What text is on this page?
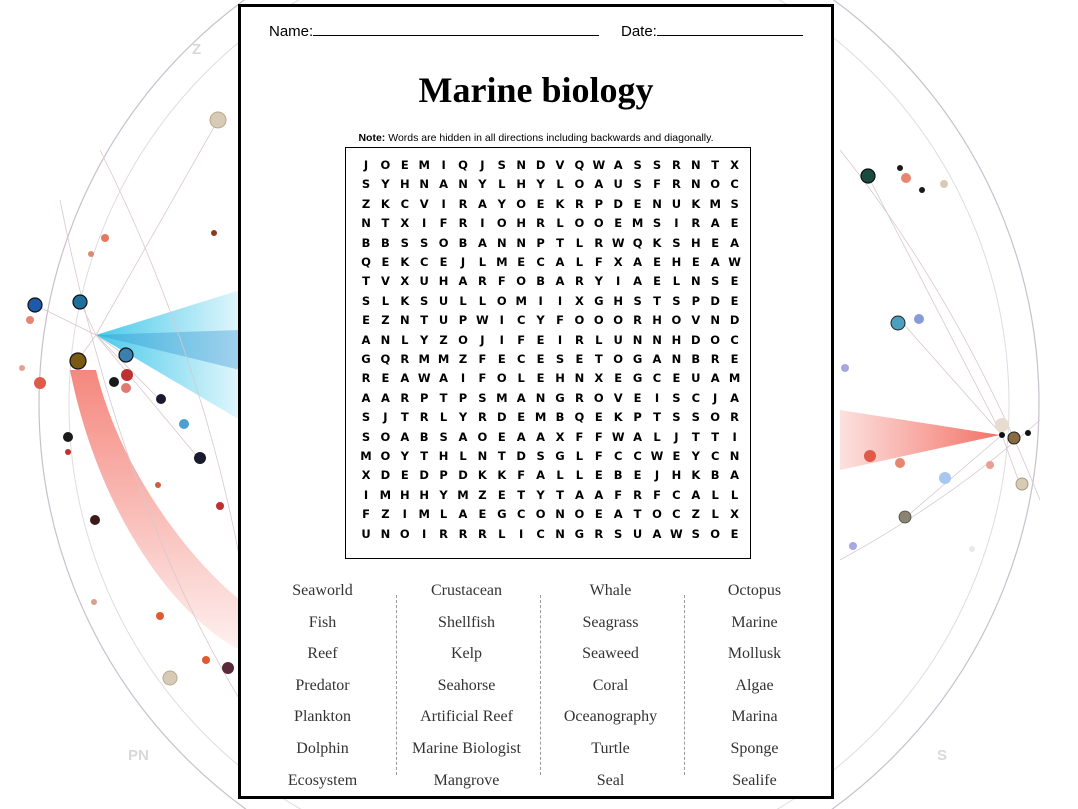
Z
PN	S
Name:	Date:
Marine biology
Note: Words are hidden in all directions including backwards and diagonally.
J	O E M	I	Q	J	S N D V Q W A S S R N T X
S Y H N A N Y	L H Y	L O A U S F R N O C
Z K C V	I	R A Y O E K R P D E N U K M S
N T X	I	F R	I	O H R L O O E M S	I	R A E
B B S S O B A N N P T	L R W Q K S H E A
Q E K C E	J	L M E C A L	F X A E H E A W
T V X U H A R F O B A R Y	I	A E	L N S E
S	L K S U L	L O M	I	I	X G H S T S P D E
E Z N T U P W I	C Y F O O O R H O V N D
A N L	Y Z O	J	I	F	E	I	R L U N N H D O C
G Q R M M Z F	E C E S E	T O G A N B R E
R E A W A	I	F O L	E H N X E G C E U A M
A A R P T P S M A N G R O V E	I	S C	J	A
S	J	T R L	Y R D E M B Q E K P T S S O R
S O A B S A O E A A X F	F W A L	J	T	T	I
M O Y T H L N T D S G L	F C C W E Y C N
X D E D P D K K F A L	L	E B E	J	H K B A
I	M H H Y M Z E	T Y T A A F R F C A L	L
F Z	I	M L A E G C O N O E A T O C Z	L X
U N O	I	R R R L	I	C N G R S U A W S O E
Seaworld
Fish
Reef
Predator
Plankton
Dolphin
Ecosystem
Crustacean
Shellfish
Kelp
Seahorse
Artificial Reef
Marine Biologist
Mangrove
Whale
Seagrass
Seaweed
Coral
Oceanography
Turtle
Seal
Octopus
Marine
Mollusk
Algae
Marina
Sponge
Sealife
